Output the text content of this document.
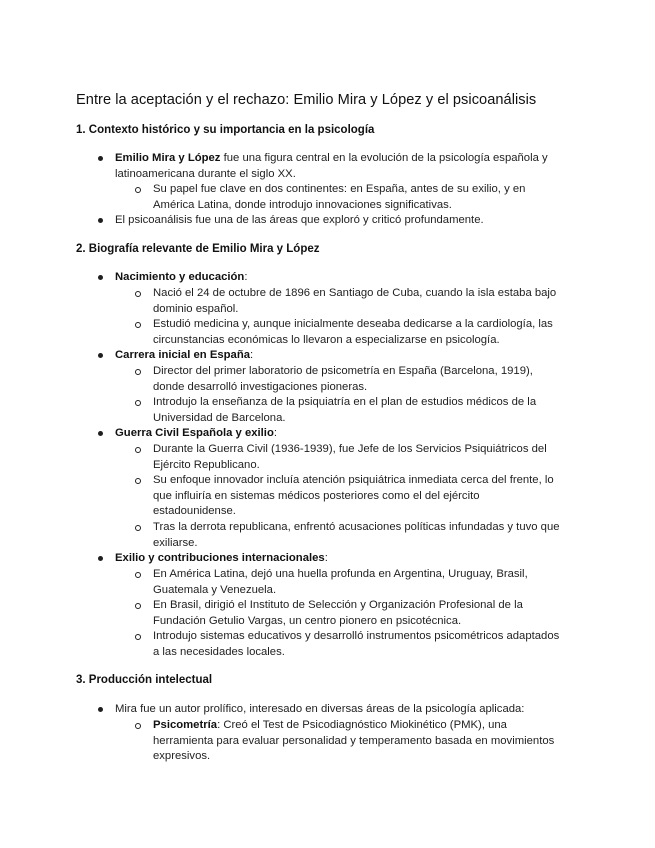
Entre la aceptación y el rechazo: Emilio Mira y López y el psicoanálisis
1. Contexto histórico y su importancia en la psicología
Emilio Mira y López fue una figura central en la evolución de la psicología española y
latinoamericana durante el siglo XX.
Su papel fue clave en dos continentes: en España, antes de su exilio, y en
América Latina, donde introdujo innovaciones significativas.
El psicoanálisis fue una de las áreas que exploró y criticó profundamente.
2. Biografía relevante de Emilio Mira y López
Nacimiento y educación:
Nació el 24 de octubre de 1896 en Santiago de Cuba, cuando la isla estaba bajo
dominio español.
Estudió medicina y, aunque inicialmente deseaba dedicarse a la cardiología, las
circunstancias económicas lo llevaron a especializarse en psicología.
Carrera inicial en España:
Director del primer laboratorio de psicometría en España (Barcelona, 1919),
donde desarrolló investigaciones pioneras.
Introdujo la enseñanza de la psiquiatría en el plan de estudios médicos de la
Universidad de Barcelona.
Guerra Civil Española y exilio:
Durante la Guerra Civil (1936-1939), fue Jefe de los Servicios Psiquiátricos del
Ejército Republicano.
Su enfoque innovador incluía atención psiquiátrica inmediata cerca del frente, lo
que influiría en sistemas médicos posteriores como el del ejército
estadounidense.
Tras la derrota republicana, enfrentó acusaciones políticas infundadas y tuvo que
exiliarse.
Exilio y contribuciones internacionales:
En América Latina, dejó una huella profunda en Argentina, Uruguay, Brasil,
Guatemala y Venezuela.
En Brasil, dirigió el Instituto de Selección y Organización Profesional de la
Fundación Getulio Vargas, un centro pionero en psicotécnica.
Introdujo sistemas educativos y desarrolló instrumentos psicométricos adaptados
a las necesidades locales.
3. Producción intelectual
Mira fue un autor prolífico, interesado en diversas áreas de la psicología aplicada:
Psicometría: Creó el Test de Psicodiagnóstico Miokinético (PMK), una
herramienta para evaluar personalidad y temperamento basada en movimientos
expresivos.
